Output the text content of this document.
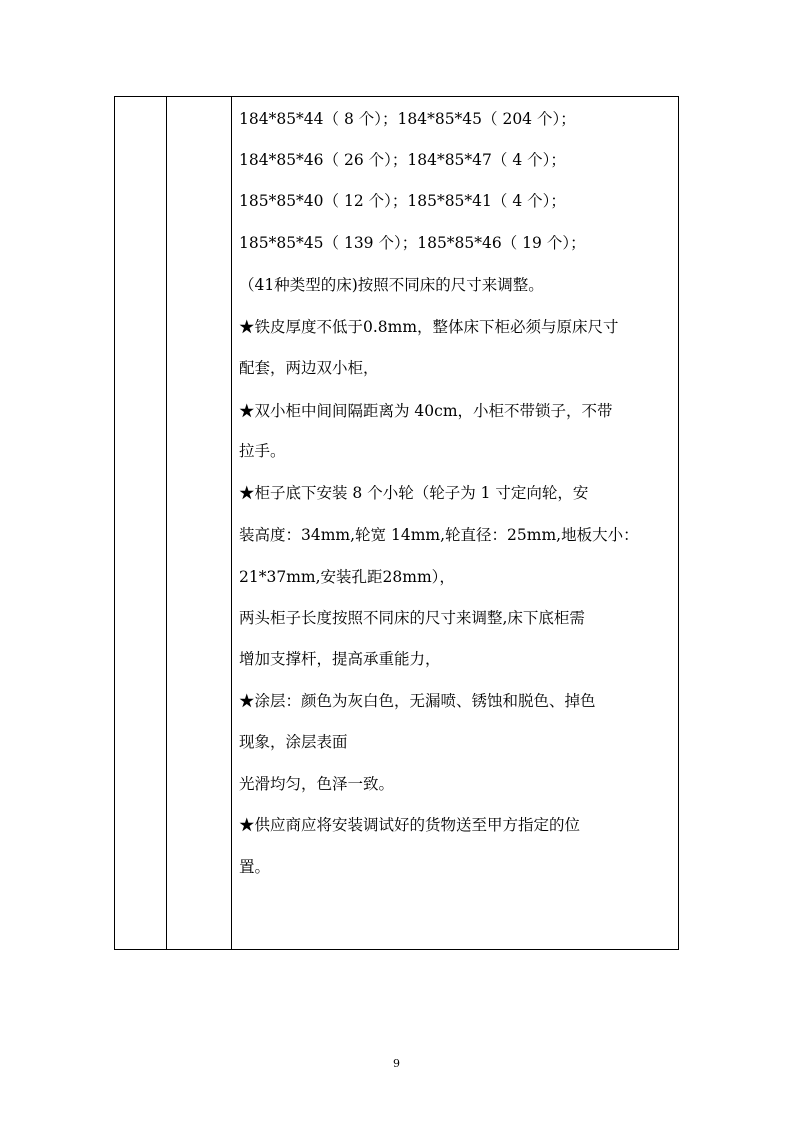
184*85*44（ 8 个）；184*85*45（ 204 个）；
184*85*46（ 26 个）；184*85*47（ 4 个）；
185*85*40（ 12 个）；185*85*41（ 4 个）；
185*85*45（ 139 个）；185*85*46（ 19 个）；
（41种类型的床)按照不同床的尺寸来调整。
★铁皮厚度不低于0.8mm，整体床下柜必须与原床尺寸
配套，两边双小柜，
★双小柜中间间隔距离为 40cm，小柜不带锁子，不带
拉手。
★柜子底下安装 8 个小轮（轮子为 1 寸定向轮，安
装高度：34mm,轮宽 14mm,轮直径：25mm,地板大小：
21*37mm,安装孔距28mm），
两头柜子长度按照不同床的尺寸来调整,床下底柜需
增加支撑杆，提高承重能力，
★涂层：颜色为灰白色，无漏喷、锈蚀和脱色、掉色
现象，涂层表面
光滑均匀，色泽一致。
★供应商应将安装调试好的货物送至甲方指定的位
置。
9
